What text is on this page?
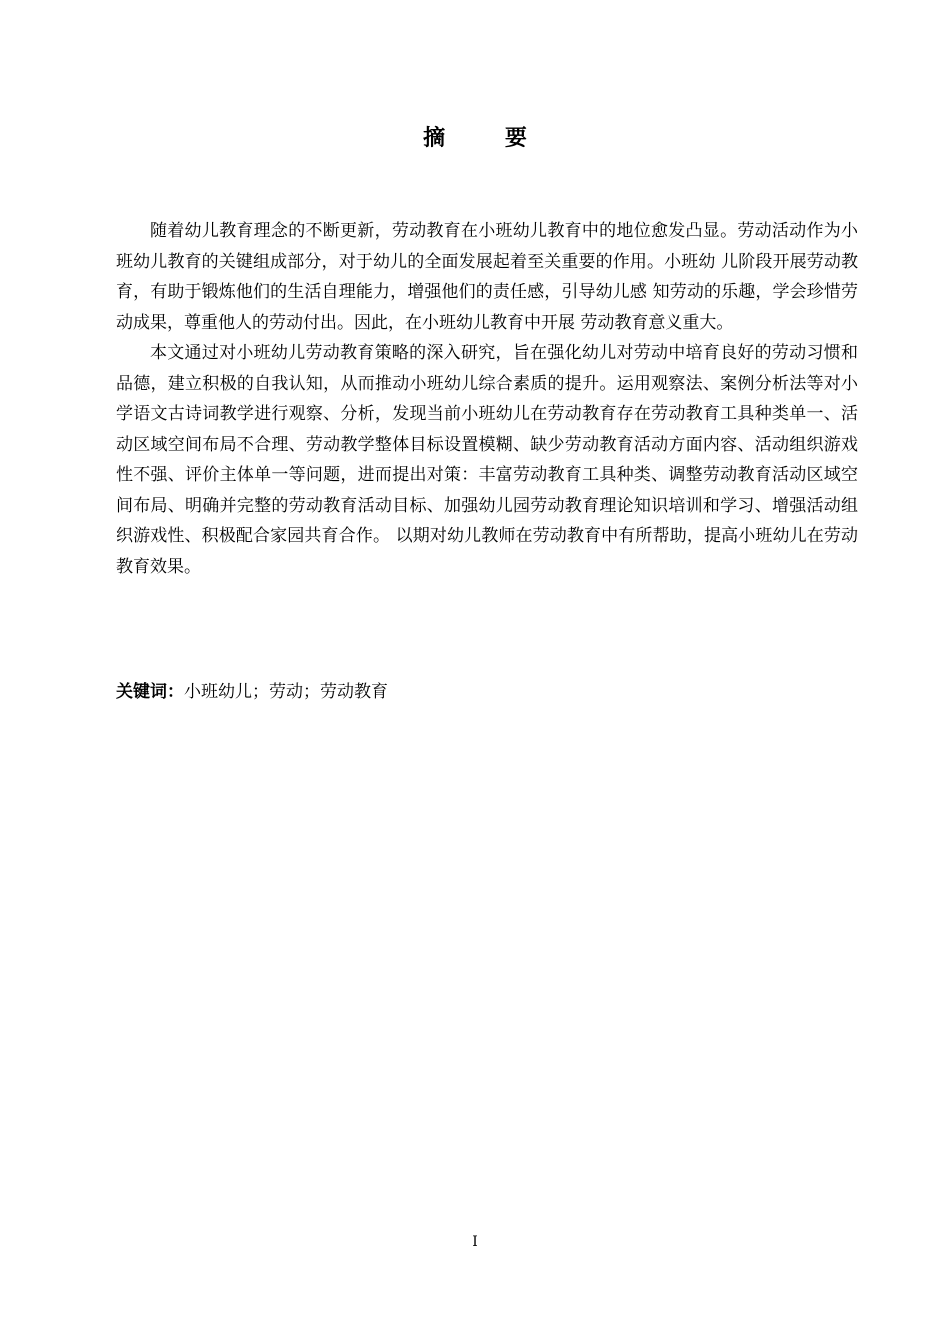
摘 要

随着幼儿教育理念的不断更新，劳动教育在小班幼儿教育中的地位愈发凸显。劳动活动作为小班幼儿教育的关键组成部分，对于幼儿的全面发展起着至关重要的作用。小班幼 儿阶段开展劳动教育，有助于锻炼他们的生活自理能力，增强他们的责任感，引导幼儿感 知劳动的乐趣，学会珍惜劳动成果，尊重他人的劳动付出。因此，在小班幼儿教育中开展 劳动教育意义重大。

本文通过对小班幼儿劳动教育策略的深入研究，旨在强化幼儿对劳动中培育良好的劳动习惯和品德，建立积极的自我认知，从而推动小班幼儿综合素质的提升。运用观察法、案例分析法等对小学语文古诗词教学进行观察、分析，发现当前小班幼儿在劳动教育存在劳动教育工具种类单一、活动区域空间布局不合理、劳动教学整体目标设置模糊、缺少劳动教育活动方面内容、活动组织游戏性不强、评价主体单一等问题，进而提出对策：丰富劳动教育工具种类、调整劳动教育活动区域空间布局、明确并完整的劳动教育活动目标、加强幼儿园劳动教育理论知识培训和学习、增强活动组织游戏性、积极配合家园共育合作。 以期对幼儿教师在劳动教育中有所帮助，提高小班幼儿在劳动教育效果。

关键词：小班幼儿；劳动；劳动教育
I
